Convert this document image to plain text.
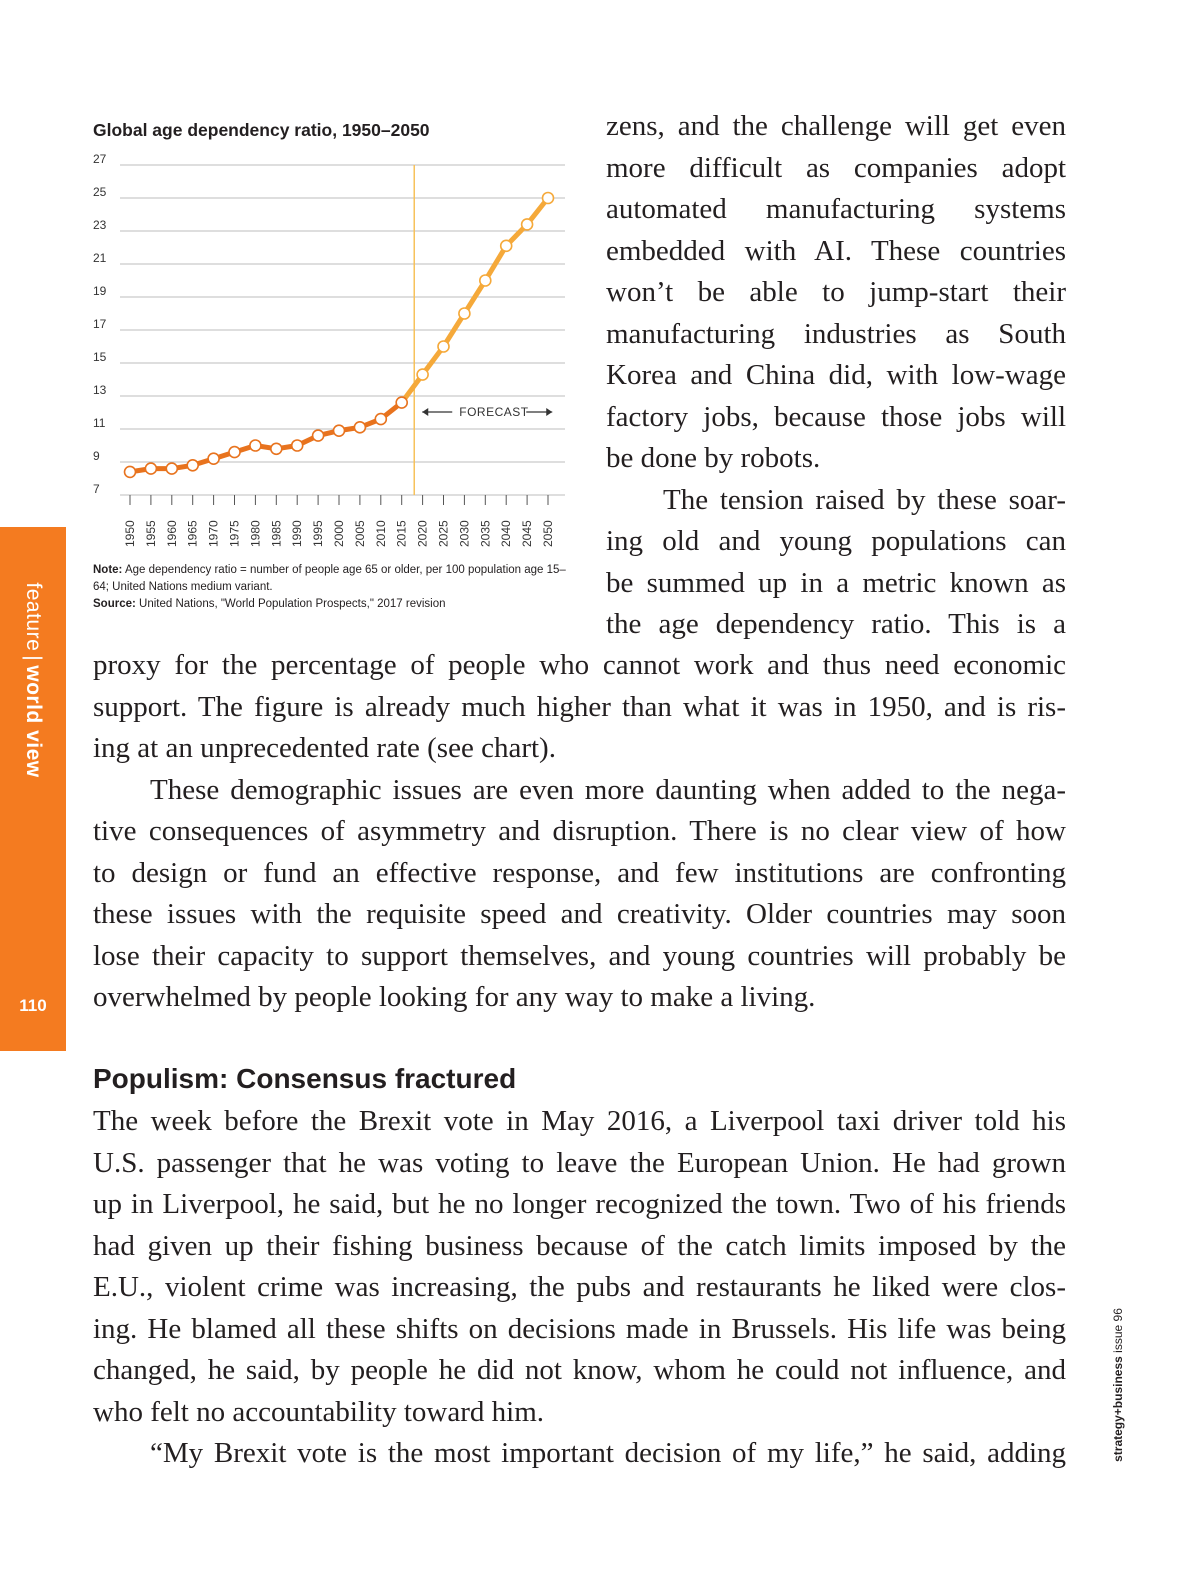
feature|world view
110
strategy+business issue 96
Global age dependency ratio, 1950–2050
7
9
11
13
15
17
19
21
23
25
27
1950 1955 1960 1965 1970 1975 1980 1985 1990 1995 2000 2005 2010 2015 2020 2025 2030 2035 2040 2045 2050
FORECAST

Note: Age dependency ratio = number of people age 65 or older, per 100 population age 15–64; United Nations medium variant.
Source: United Nations, "World Population Prospects," 2017 revision

zens, and the challenge will get even
more difficult as companies adopt
automated manufacturing systems
embedded with AI. These countries
won’t be able to jump-start their
manufacturing industries as South
Korea and China did, with low-wage
factory jobs, because those jobs will
be done by robots.

The tension raised by these soar-
ing old and young populations can
be summed up in a metric known as
the age dependency ratio. This is a

proxy for the percentage of people who cannot work and thus need economic
support. The figure is already much higher than what it was in 1950, and is ris-
ing at an unprecedented rate (see chart).

These demographic issues are even more daunting when added to the nega-
tive consequences of asymmetry and disruption. There is no clear view of how
to design or fund an effective response, and few institutions are confronting
these issues with the requisite speed and creativity. Older countries may soon
lose their capacity to support themselves, and young countries will probably be
overwhelmed by people looking for any way to make a living.

Populism: Consensus fractured

The week before the Brexit vote in May 2016, a Liverpool taxi driver told his
U.S. passenger that he was voting to leave the European Union. He had grown
up in Liverpool, he said, but he no longer recognized the town. Two of his friends
had given up their fishing business because of the catch limits imposed by the
E.U., violent crime was increasing, the pubs and restaurants he liked were clos-
ing. He blamed all these shifts on decisions made in Brussels. His life was being
changed, he said, by people he did not know, whom he could not influence, and
who felt no accountability toward him.

“My Brexit vote is the most important decision of my life,” he said, adding
